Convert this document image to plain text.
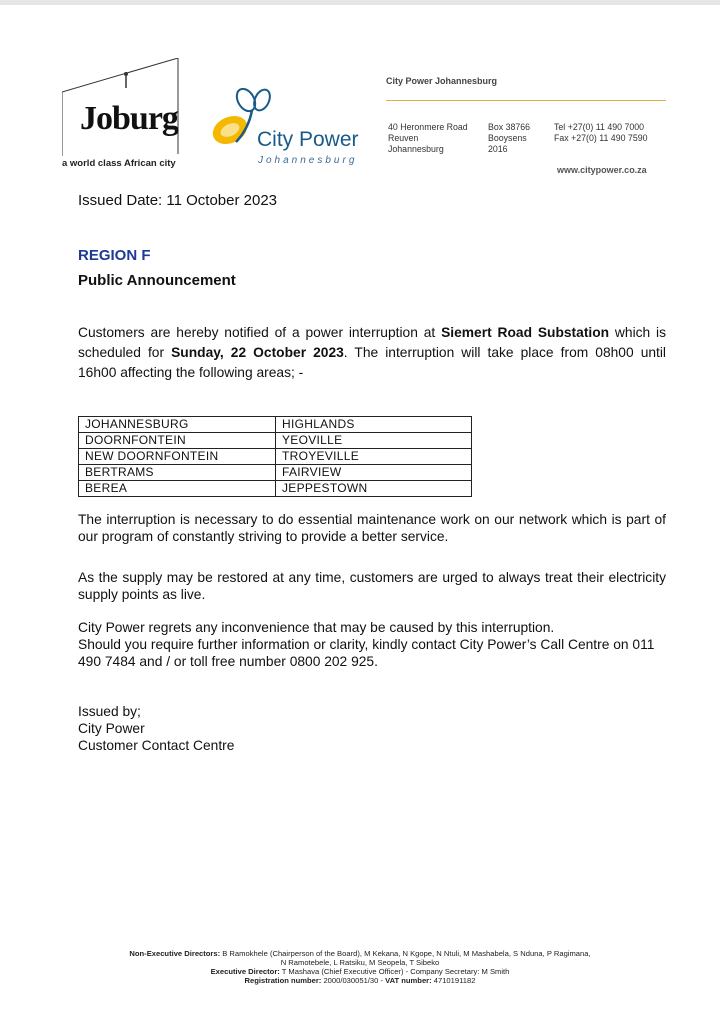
Joburg
a world class African city
City Power
Johannesburg
City Power Johannesburg
40 Heronmere Road
Reuven
Johannesburg
Box 38766
Booysens
2016
Tel +27(0) 11 490 7000
Fax +27(0) 11 490 7590
www.citypower.co.za
Issued Date: 11 October 2023
REGION F
Public Announcement
Customers are hereby notified of a power interruption at Siemert Road Substation which is scheduled for Sunday, 22 October 2023. The interruption will take place from 08h00 until 16h00 affecting the following areas; -
JOHANNESBURG	HIGHLANDS
DOORNFONTEIN	YEOVILLE
NEW DOORNFONTEIN	TROYEVILLE
BERTRAMS	FAIRVIEW
BEREA	JEPPESTOWN
The interruption is necessary to do essential maintenance work on our network which is part of our program of constantly striving to provide a better service.
As the supply may be restored at any time, customers are urged to always treat their electricity supply points as live.
City Power regrets any inconvenience that may be caused by this interruption.
Should you require further information or clarity, kindly contact City Power’s Call Centre on 011 490 7484 and / or toll free number 0800 202 925.
Issued by;
City Power
Customer Contact Centre
Non-Executive Directors: B Ramokhele (Chairperson of the Board), M Kekana, N Kgope, N Ntuli, M Mashabela, S Nduna, P Ragimana,
N Ramotebele, L Ratsiku, M Seopela, T Sibeko
Executive Director: T Mashava (Chief Executive Officer) - Company Secretary: M Smith
Registration number: 2000/030051/30 - VAT number: 4710191182
